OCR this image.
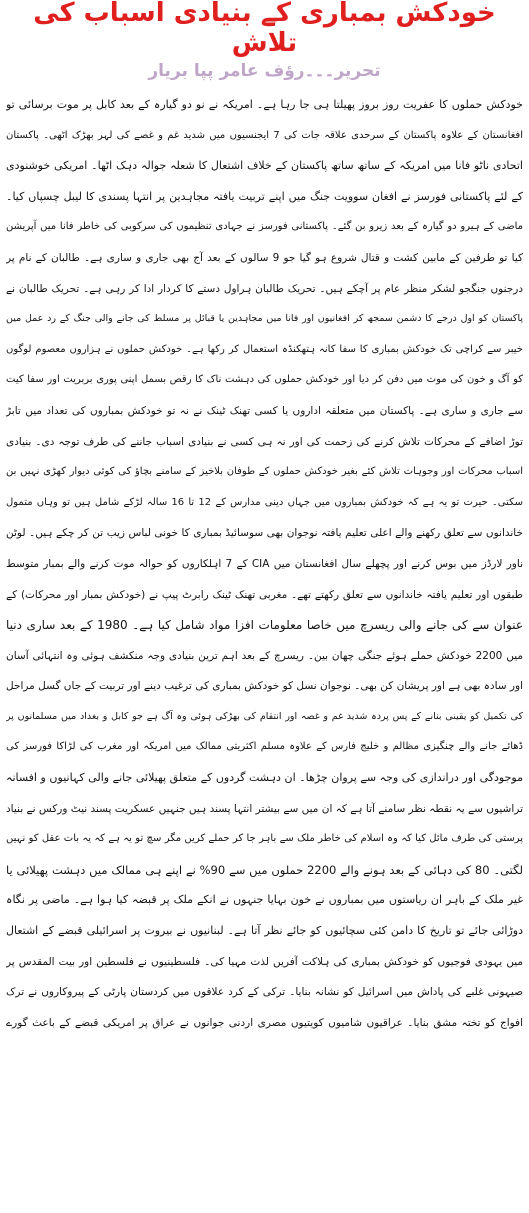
خودکش بمباری کے بنیادی اسباب کی تلاش
تحریر۔۔۔رؤف عامر پپا بریار
خودکش حملوں کا عفریت روز بروز پھیلتا ہی جا رہا ہے۔ امریکہ نے نو دو گیارہ کے بعد کابل پر موت برسائی تو
افغانستان کے علاوہ پاکستان کے سرحدی علاقہ جات کی 7 ایجنسیوں میں شدید غم و غصے کی لہر بھڑک اٹھی۔ پاکستان
اتحادی ناٹو فانا میں امریکہ کے ساتھ ساتھ پاکستان کے خلاف اشتعال کا شعلہ جوالہ دہک اٹھا۔ امریکی خوشنودی
کے لئے پاکستانی فورسز نے افغان سوویت جنگ میں اپنے تربیت یافتہ مجاہدین پر انتہا پسندی کا لیبل چسپاں کیا۔
ماضی کے ہیرو دو گیارہ کے بعد زیرو بن گئے۔ پاکستانی فورسز نے جہادی تنظیموں کی سرکوبی کی خاطر فانا میں آپریشن
کیا تو طرفین کے مابین کشت و قتال شروع ہو گیا جو 9 سالوں کے بعد آج بھی جاری و ساری ہے۔ طالبان کے نام پر
درجنوں جنگجو لشکر منظر عام پر آچکے ہیں۔ تحریک طالبان ہراول دستے کا کردار ادا کر رہی ہے۔ تحریک طالبان نے
پاکستان کو اول درجے کا دشمن سمجھ کر افغانیوں اور فانا میں مجاہدین یا قبائل پر مسلط کی جانے والی جنگ کے رد عمل میں
خیبر سے کراچی تک خودکش بمباری کا سفا کانہ ہتھکنڈہ استعمال کر رکھا ہے۔ خودکش حملوں نے ہزاروں معصوم لوگوں
کو آگ و خون کی موت میں دفن کر دیا اور خودکش حملوں کی دہشت ناک کا رقص بسمل اپنی پوری بربریت اور سفا کیت
سے جاری و ساری ہے۔ پاکستان میں متعلقہ اداروں یا کسی تھنک ٹینک نے نہ تو خودکش بمباروں کی تعداد میں تابڑ
توڑ اضافے کے محرکات تلاش کرنے کی زحمت کی اور نہ ہی کسی نے بنیادی اسباب جاننے کی طرف توجہ دی۔ بنیادی
اسباب محرکات اور وجوہات تلاش کئے بغیر خودکش حملوں کے طوفان بلاخیز کے سامنے بچاؤ کی کوئی دیوار کھڑی نہیں بن
سکتی۔ حیرت تو یہ ہے کہ خودکش بمباروں میں جہاں دینی مدارس کے 12 تا 16 سالہ لڑکے شامل ہیں تو وہاں متمول
خاندانوں سے تعلق رکھنے والے اعلی تعلیم یافتہ نوجوان بھی سوسائیڈ بمباری کا خونی لباس زیب تن کر چکے ہیں۔ لوٹن
ناور لارڈز میں بوس کرنے اور پچھلے سال افغانستان میں CIA کے 7 اہلکاروں کو حوالہ موت کرنے والے بمبار متوسط
طبقوں اور تعلیم یافتہ خاندانوں سے تعلق رکھتے تھے۔ مغربی تھنک ٹینک رابرٹ پیپ نے (خودکش بمبار اور محرکات) کے
عنوان سے کی جانے والی ریسرچ میں خاصا معلومات افزا مواد شامل کیا ہے۔ 1980 کے بعد ساری دنیا
میں 2200 خودکش حملے ہوئے جنگی چھان بین۔ ریسرچ کے بعد اہم ترین بنیادی وجہ منکشف ہوئی وہ انتہائی آسان
اور سادہ بھی ہے اور پریشان کن بھی۔ نوجوان نسل کو خودکش بمباری کی ترغیب دینے اور تربیت کے جاں گسل مراحل
کی تکمیل کو یقینی بنانے کے پس پردہ شدید غم و غصہ اور انتقام کی بھڑکی ہوئی وہ آگ ہے جو کابل و بغداد میں مسلمانوں پر
ڈھائے جانے والے چنگیزی مظالم و خلیج فارس کے علاوہ مسلم اکثریتی ممالک میں امریکہ اور مغرب کی لڑاکا فورسز کی
موجودگی اور دراندازی کی وجہ سے پروان چڑھا۔ ان دہشت گردوں کے متعلق پھیلائی جانے والی کہانیوں و افسانہ
تراشیوں سے یہ نقطہ نظر سامنے آتا ہے کہ ان میں سے بیشتر انتہا پسند ہیں جنہیں عسکریت پسند نیٹ ورکس نے بنیاد
پرستی کی طرف مائل کیا کہ وہ اسلام کی خاطر ملک سے باہر جا کر حملے کریں مگر سچ تو یہ ہے کہ یہ بات عقل کو نہیں
لگتی۔ 80 کی دہائی کے بعد ہونے والے 2200 حملوں میں سے 90% نے اپنے ہی ممالک میں دہشت پھیلائی یا
غیر ملک کے باہر ان ریاستوں میں بمباروں نے خون بہایا جنہوں نے انکے ملک پر قبضہ کیا ہوا ہے۔ ماضی پر نگاہ
دوڑائی جائے تو تاریخ کا دامن کئی سچائیوں کو جائے نظر آتا ہے۔ لبنانیوں نے بیروت پر اسرائیلی قبضے کے اشتعال
میں یہودی فوجیوں کو خودکش بمباری کی ہلاکت آفریں لذت مہیا کی۔ فلسطینیوں نے فلسطین اور بیت المقدس پر
صیہونی غلبے کی پاداش میں اسرائیل کو نشانہ بنایا۔ ترکی کے کرد علاقوں میں کردستان پارٹی کے پیروکاروں نے ترک
افواج کو تختہ مشق بنایا۔ عراقیوں شامیوں کویتیوں مصری اردنی جوانوں نے عراق پر امریکی قبضے کے باعث گورے
